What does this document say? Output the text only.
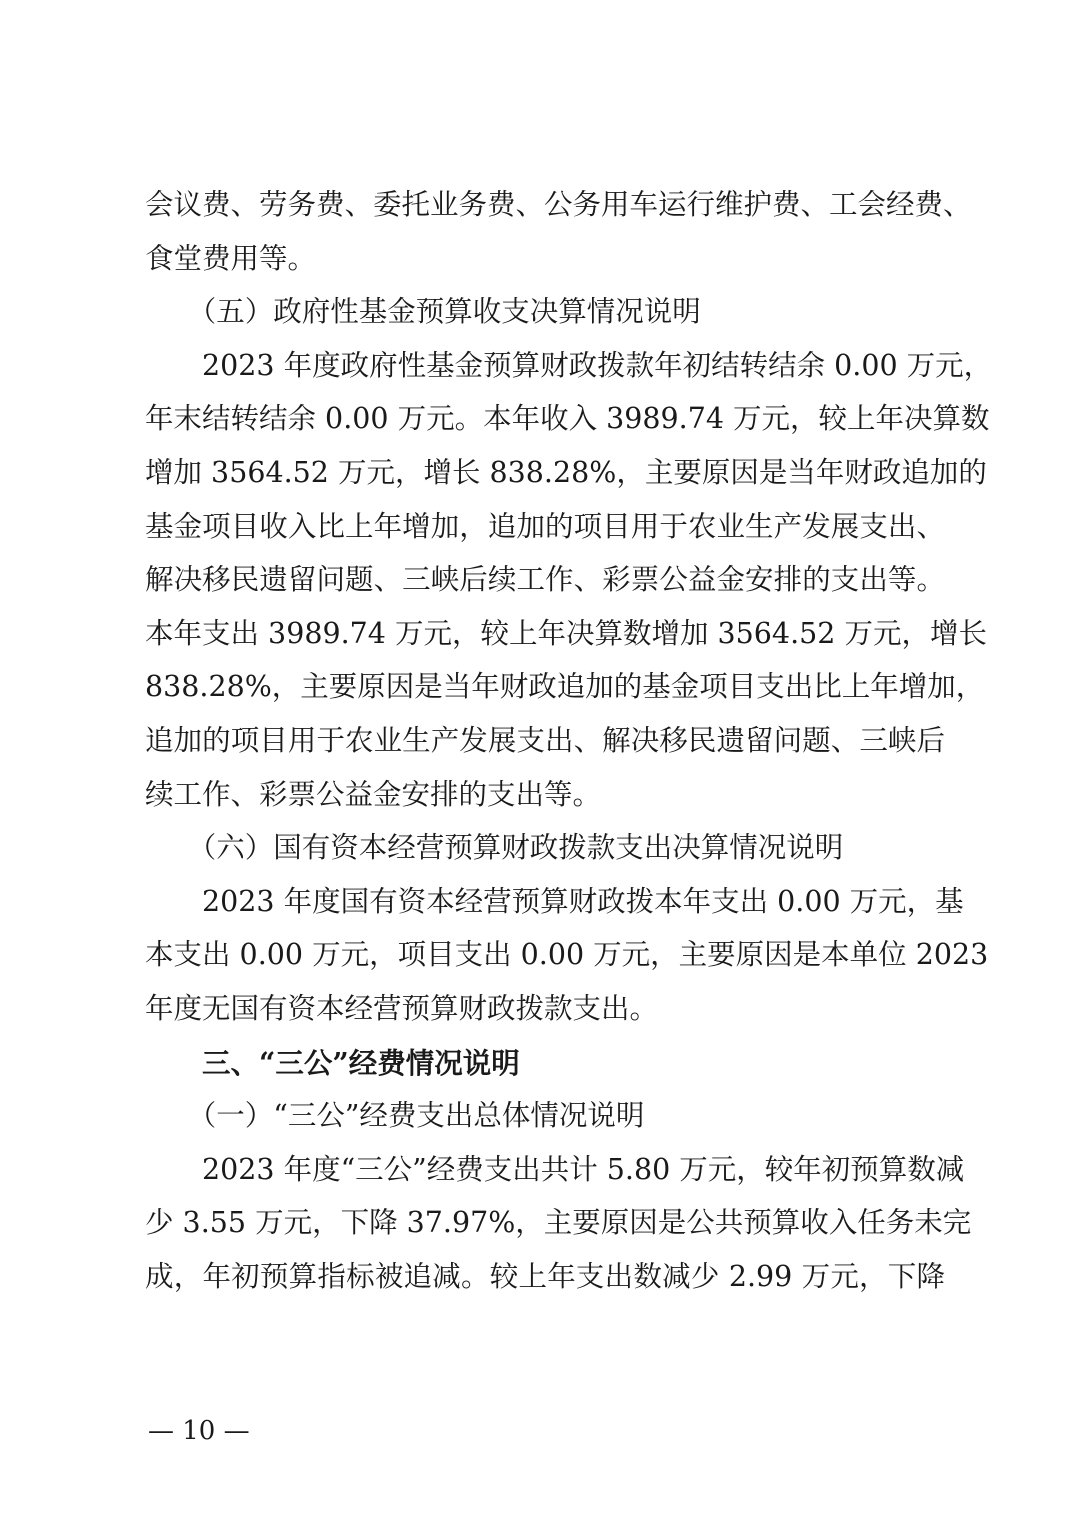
会议费、劳务费、委托业务费、公务用车运行维护费、工会经费、
食堂费用等。
　　（五）政府性基金预算收支决算情况说明
　　2023 年度政府性基金预算财政拨款年初结转结余 0.00 万元，
年末结转结余 0.00 万元。本年收入 3989.74 万元，较上年决算数
增加 3564.52 万元，增长 838.28%，主要原因是当年财政追加的
基金项目收入比上年增加，追加的项目用于农业生产发展支出、
解决移民遗留问题、三峡后续工作、彩票公益金安排的支出等。
本年支出 3989.74 万元，较上年决算数增加 3564.52 万元，增长
838.28%，主要原因是当年财政追加的基金项目支出比上年增加，
追加的项目用于农业生产发展支出、解决移民遗留问题、三峡后
续工作、彩票公益金安排的支出等。
　　（六）国有资本经营预算财政拨款支出决算情况说明
　　2023 年度国有资本经营预算财政拨本年支出 0.00 万元，基
本支出 0.00 万元，项目支出 0.00 万元，主要原因是本单位 2023
年度无国有资本经营预算财政拨款支出。
　　三、“三公”经费情况说明
　　（一）“三公”经费支出总体情况说明
　　2023 年度“三公”经费支出共计 5.80 万元，较年初预算数减
少 3.55 万元，下降 37.97%，主要原因是公共预算收入任务未完
成，年初预算指标被追减。较上年支出数减少 2.99 万元，下降
— 10 —
